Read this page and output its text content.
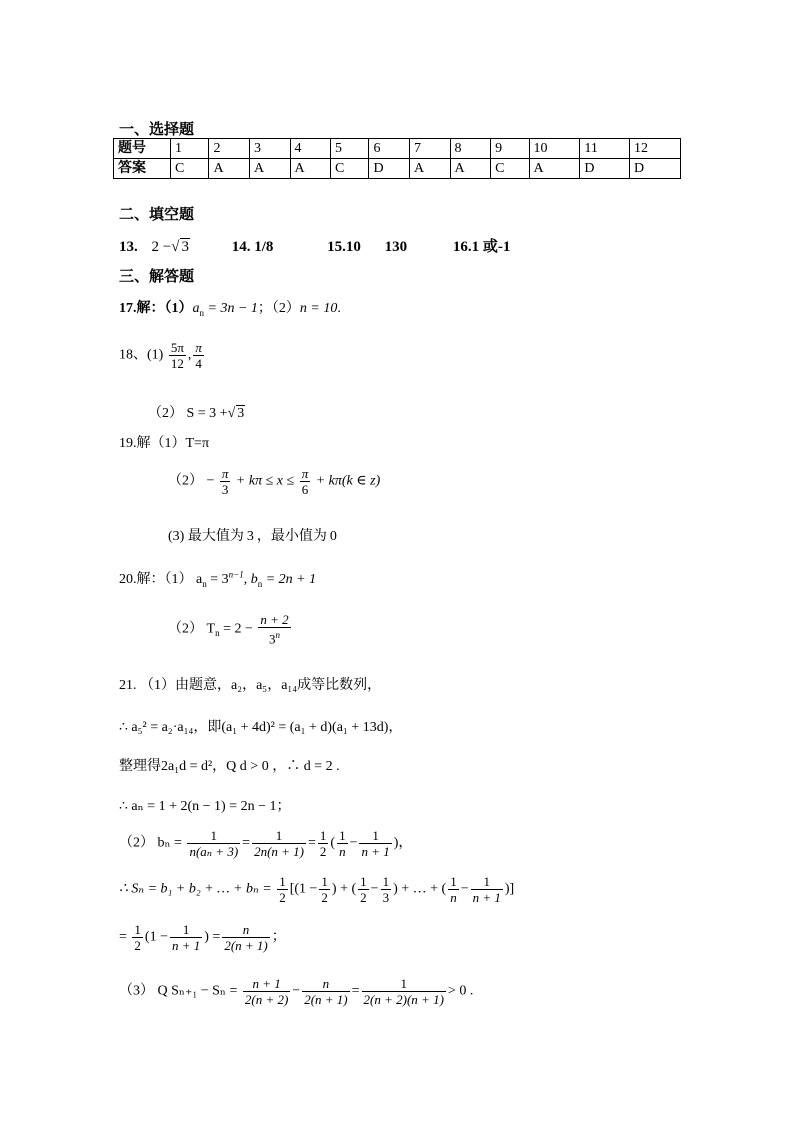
一、选择题
题号	1	2	3	4	5	6	7	8	9	10	11	12
答案	C	A	A	A	C	D	A	A	C	A	D	D
二、填空题
13. 2 −√ 3	14. 1/8	15.10 130	16.1 或-1
三、解答题
17.解：$(1)a_n = 3n - 1$；（2）n = 10.
18、$(1) \frac{5\pi}{12}$ , $\frac{\pi}{4}$
（2） S = 3 +√ 3
19.解（1）T=π
$(2) - \frac{\pi}{3} + k\pi \le x \le \frac{\pi}{6} + k\pi(k$ ∈ z)
(3) 最大值为 3 ，最小值为 0
20.解：（1） $a_n = 3^{n-1}$, $b_n = 2n + 1$
（2） $T_n = 2 - \frac{n + 2}{3^n}$
21. （1）由题意，a₂，a₅，a₁₄成等比数列，
∴ a₅² = a₂·a₁₄，即(a₁ + 4d)² = (a₁ + d)(a₁ + 13d)，
整理得2a₁d = d²，Q d > 0 ，∴ d = 2 .
∴ aₙ = 1 + 2(n − 1) = 2n − 1；
（2） $b_n = \frac{1}{\text{n(aₙ + 3)}} = \frac{1}{2n(n + 1)} = \frac{1}{2}$ ( $\frac{1}{n} - \frac{1}{n + 1}$ )，
∴ Sₙ = b₁ + b₂ + … + $b_n = \frac{1}{2} [(1 - \frac{1}{2}$ ) + ( $\frac{1}{2} - \frac{1}{3}$ ) + … + ( $\frac{1}{n} - \frac{1}{n + 1}$ )]
= $\frac{1}{2} (1 - \frac{1}{n + 1}$ ) = $\frac{n}{2(n + 1)}$ ；
（3） Q $S_{n+1} - S_n = \frac{n + 1}{2(n + 2)} - \frac{n}{2(n + 1)} = \frac{1}{2(n + 2)(n + 1)} > 0$ .
